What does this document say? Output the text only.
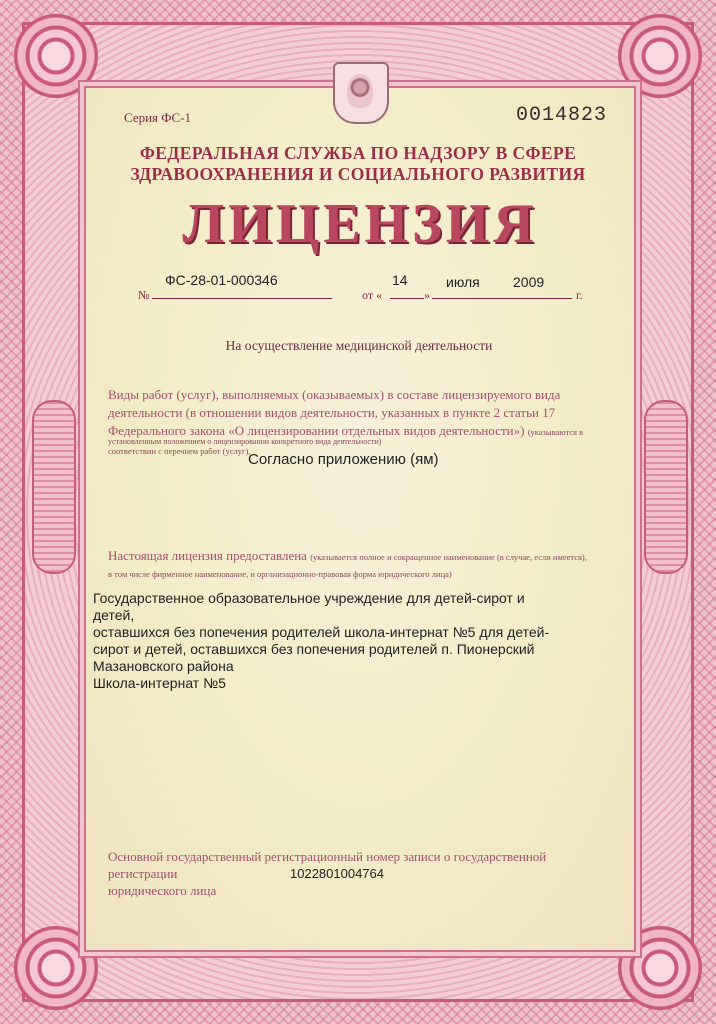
Серия ФС-1	0014823
ФЕДЕРАЛЬНАЯ СЛУЖБА ПО НАДЗОРУ В СФЕРЕ
ЗДРАВООХРАНЕНИЯ И СОЦИАЛЬНОГО РАЗВИТИЯ
ЛИЦЕНЗИЯ
№
ФС-28-01-000346
от «
14
»
июля 2009
г.
На осуществление медицинской деятельности
Виды работ (услуг), выполняемых (оказываемых) в составе лицензируемого вида деятельности (в отношении видов деятельности, указанных в пункте 2 статьи 17 Федерального закона «О лицензировании отдельных видов деятельности») (указываются в соответствии с перечнем работ (услуг),
установленным положением о лицензировании конкретного вида деятельности)
Согласно приложению (ям)
Настоящая лицензия предоставлена (указывается полное и сокращенное наименование (в случае, если имеется),
в том числе фирменное наименование, и организационно-правовая форма юридического лица)
Государственное образовательное учреждение для детей-сирот и детей,
оставшихся без попечения родителей школа-интернат №5 для детей-
сирот и детей, оставшихся без попечения родителей п. Пионерский
Мазановского района
Школа-интернат №5
Основной государственный регистрационный номер записи о государственной регистрации
юридического лица
1022801004764
